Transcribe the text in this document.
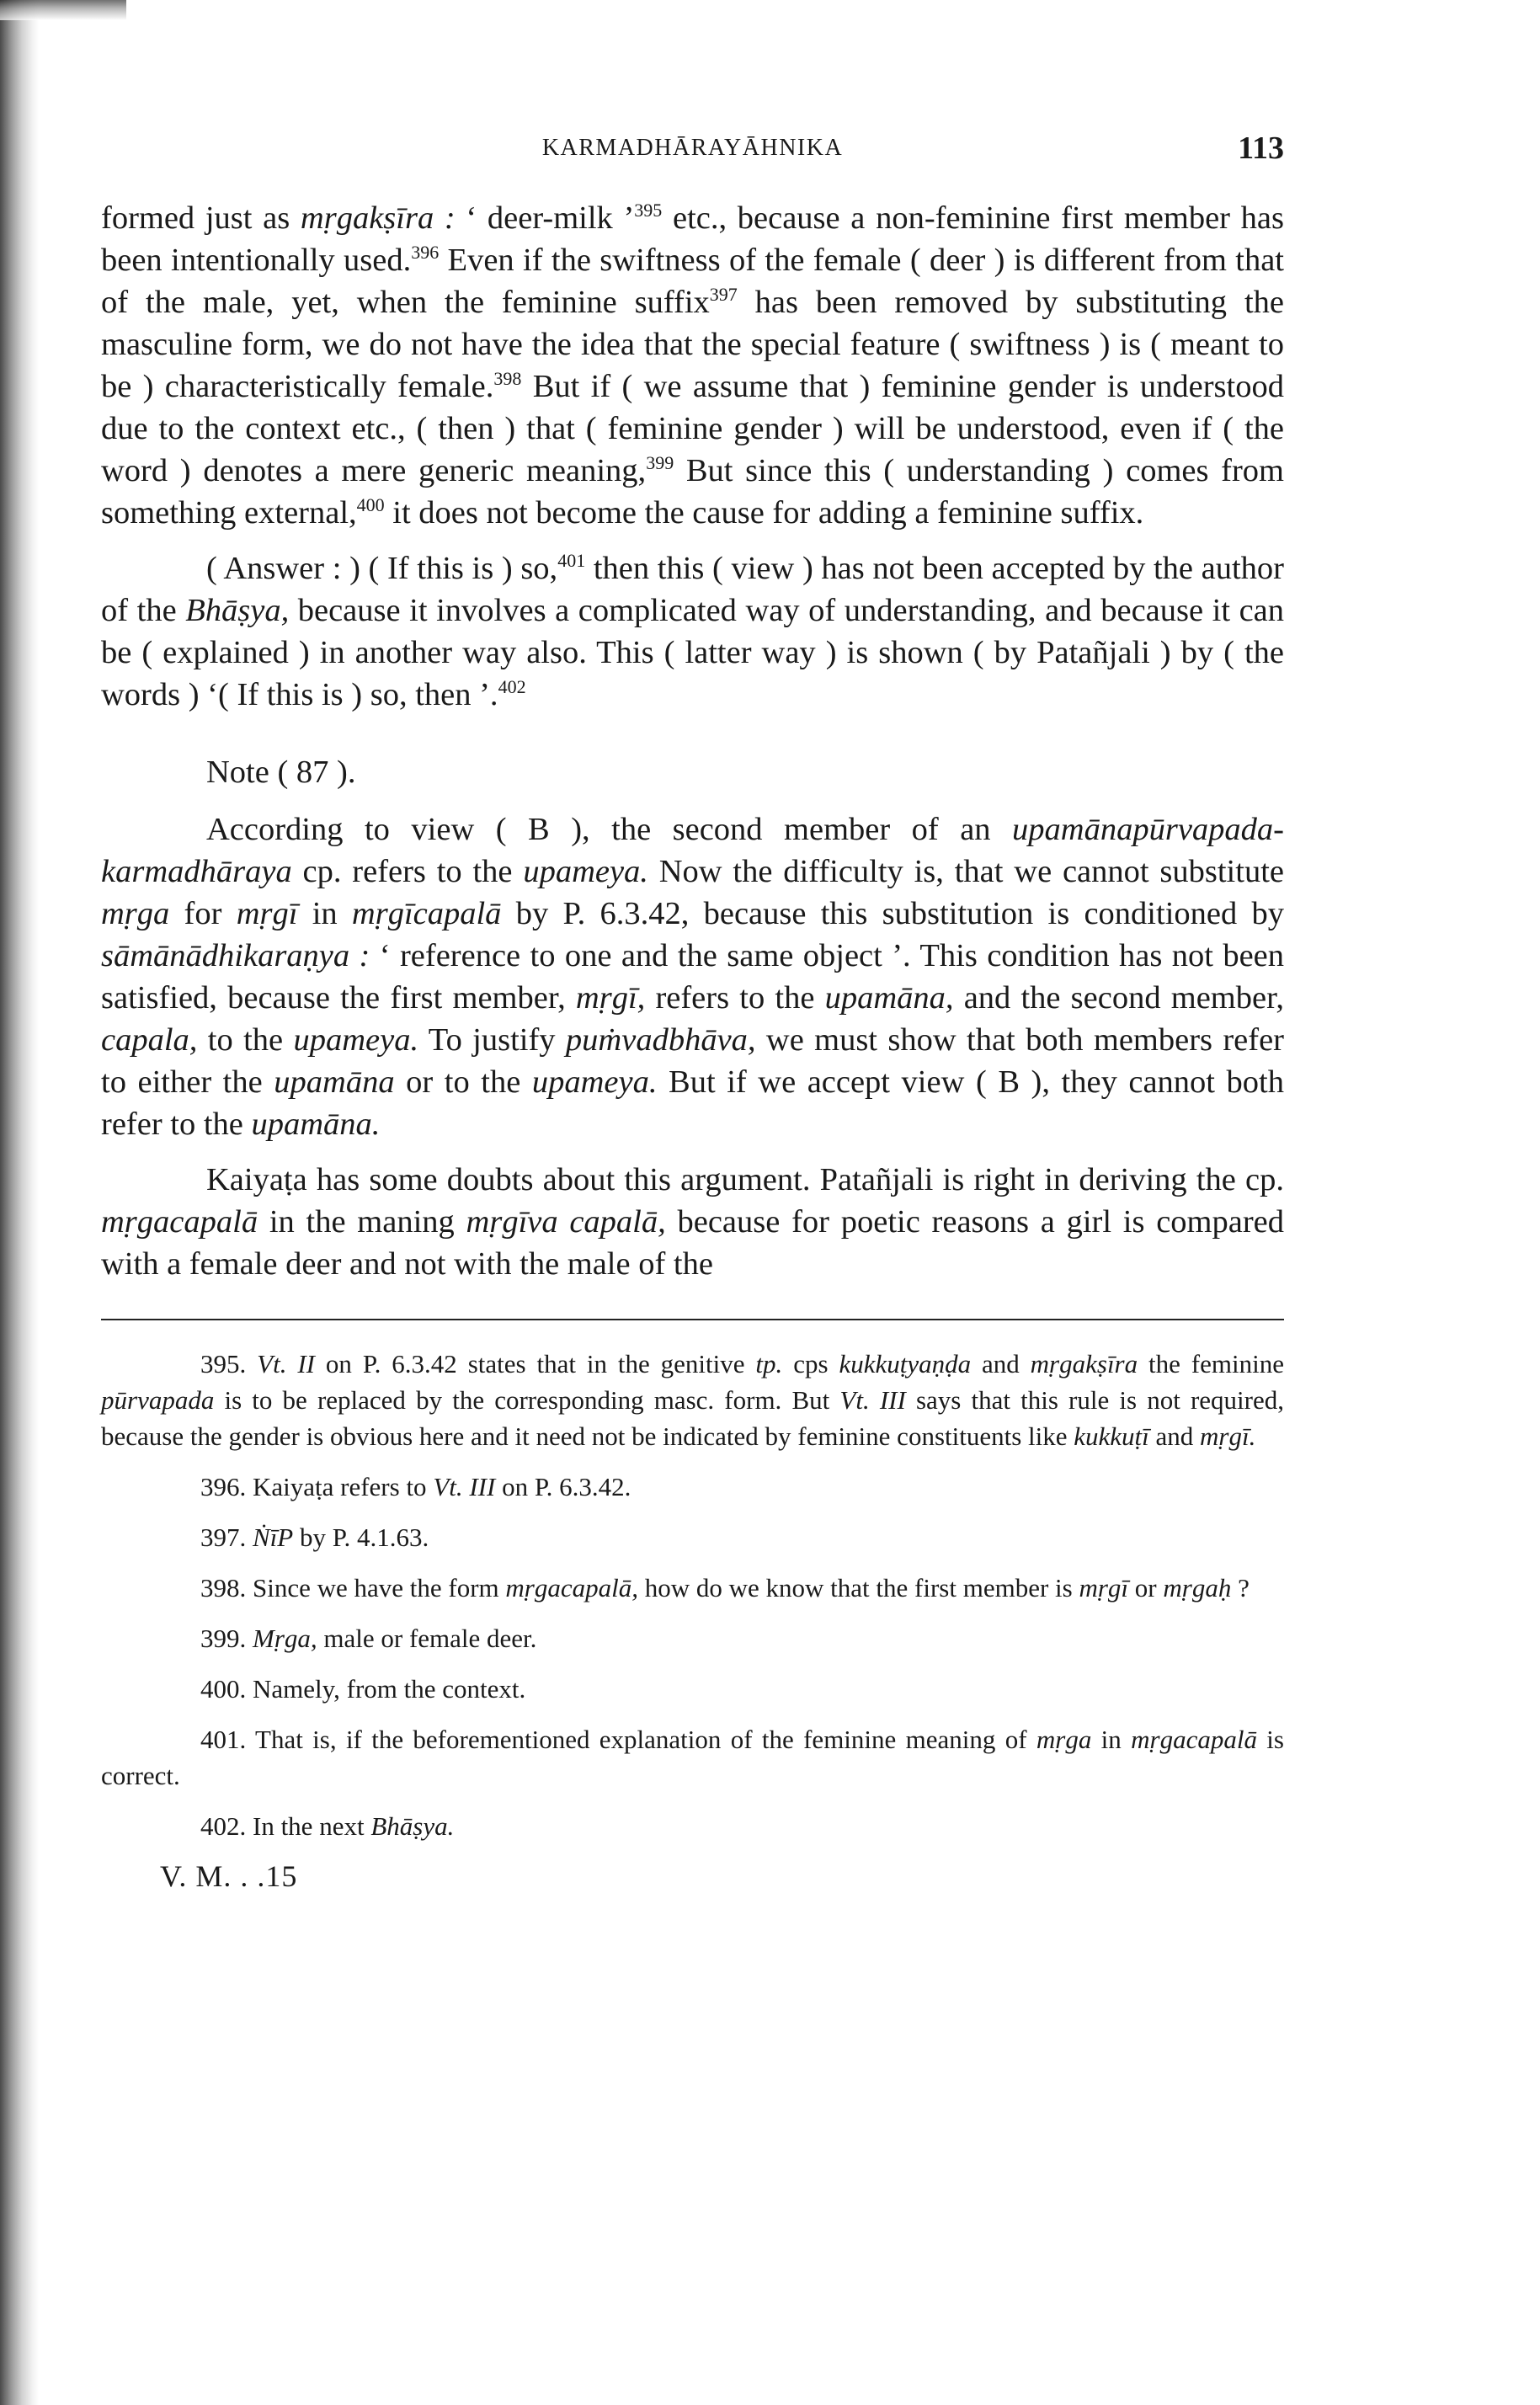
KARMADHĀRAYĀHNIKA	113

formed just as mṛgakṣīra : ‘ deer-milk ’$^{395}$ etc., because a non-feminine first member has been intentionally used.$^{396}$ Even if the swiftness of the female ( deer ) is different from that of the male, yet, when the feminine suffix$^{397}$ has been removed by substituting the masculine form, we do not have the idea that the special feature ( swiftness ) is ( meant to be ) characteristically female.$^{398}$ But if ( we assume that ) feminine gender is understood due to the context etc., ( then ) that ( feminine gender ) will be understood, even if ( the word ) denotes a mere generic meaning,$^{399}$ But since this ( understanding ) comes from something external,$^{400}$ it does not become the cause for adding a feminine suffix.

( Answer : ) ( If this is ) so,$^{401}$ then this ( view ) has not been accepted by the author of the Bhāṣya, because it involves a complicated way of understanding, and because it can be ( explained ) in another way also. This ( latter way ) is shown ( by Patañjali ) by ( the words ) ‘( If this is ) so, then ’.$^{402}$

Note ( 87 ).

According to view ( B ), the second member of an upamānapūrvapada-karmadhāraya cp. refers to the upameya. Now the difficulty is, that we cannot substitute mṛga for mṛgī in mṛgīcapalā by P. 6.3.42, because this substitution is conditioned by sāmānādhikaraṇya : ‘ reference to one and the same object ’. This condition has not been satisfied, because the first member, mṛgī, refers to the upamāna, and the second member, capala, to the upameya. To justify puṁvadbhāva, we must show that both members refer to either the upamāna or to the upameya. But if we accept view ( B ), they cannot both refer to the upamāna.

Kaiyaṭa has some doubts about this argument. Patañjali is right in deriving the cp. mṛgacapalā in the maning mṛgīva capalā, because for poetic reasons a girl is compared with a female deer and not with the male of the

395. Vt. II on P. 6.3.42 states that in the genitive tp. cps kukkuṭyaṇḍa and mṛgakṣīra the feminine pūrvapada is to be replaced by the corresponding masc. form. But Vt. III says that this rule is not required, because the gender is obvious here and it need not be indicated by feminine constituents like kukkuṭī and mṛgī.

396. Kaiyaṭa refers to Vt. III on P. 6.3.42.

397. ṄīP by P. 4.1.63.

398. Since we have the form mṛgacapalā, how do we know that the first member is mṛgī or mṛgaḥ ?

399. Mṛga, male or female deer.

400. Namely, from the context.

401. That is, if the beforementioned explanation of the feminine meaning of mṛga in mṛgacapalā is correct.

402. In the next Bhāṣya.

V. M. . .15
